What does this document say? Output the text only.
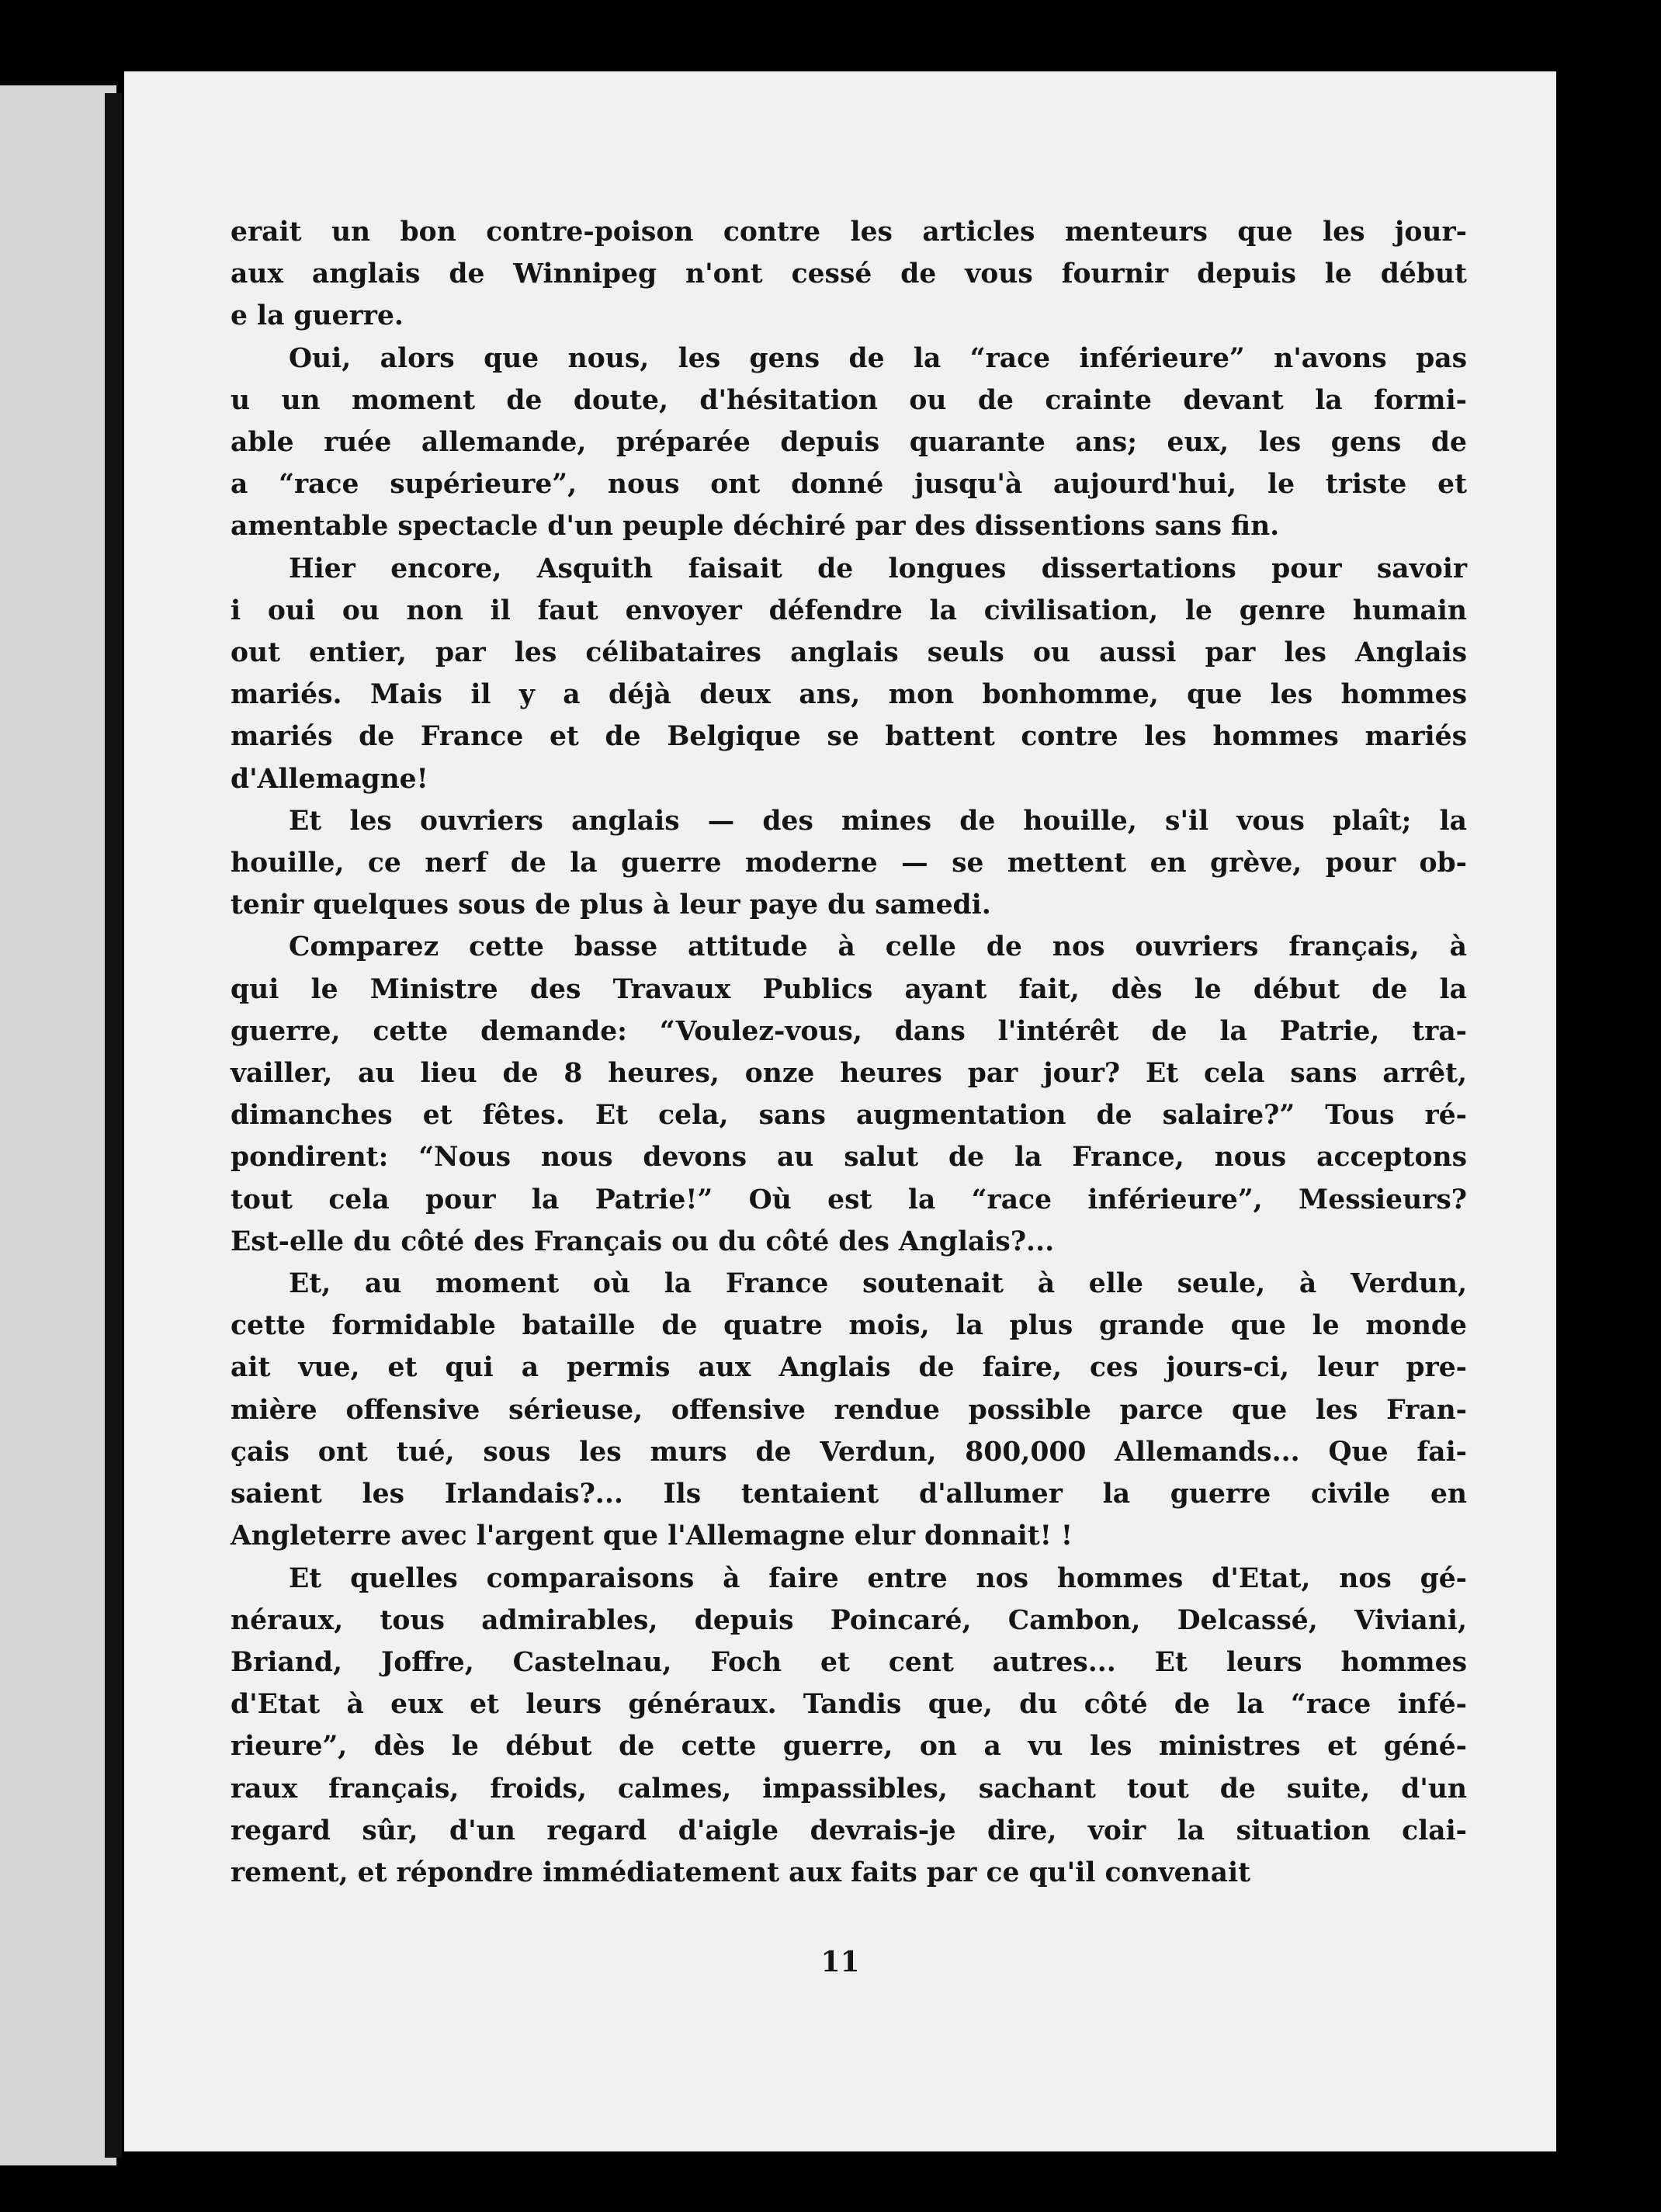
erait un bon contre-poison contre les articles menteurs que les jour-
aux anglais de Winnipeg n'ont cessé de vous fournir depuis le début
e la guerre.
Oui, alors que nous, les gens de la “race inférieure” n'avons pas
u un moment de doute, d'hésitation ou de crainte devant la formi-
able ruée allemande, préparée depuis quarante ans; eux, les gens de
a “race supérieure”, nous ont donné jusqu'à aujourd'hui, le triste et
amentable spectacle d'un peuple déchiré par des dissentions sans fin.
Hier encore, Asquith faisait de longues dissertations pour savoir
i oui ou non il faut envoyer défendre la civilisation, le genre humain
out entier, par les célibataires anglais seuls ou aussi par les Anglais
mariés. Mais il y a déjà deux ans, mon bonhomme, que les hommes
mariés de France et de Belgique se battent contre les hommes mariés
d'Allemagne!
Et les ouvriers anglais — des mines de houille, s'il vous plaît; la
houille, ce nerf de la guerre moderne — se mettent en grève, pour ob-
tenir quelques sous de plus à leur paye du samedi.
Comparez cette basse attitude à celle de nos ouvriers français, à
qui le Ministre des Travaux Publics ayant fait, dès le début de la
guerre, cette demande: “Voulez-vous, dans l'intérêt de la Patrie, tra-
vailler, au lieu de 8 heures, onze heures par jour? Et cela sans arrêt,
dimanches et fêtes. Et cela, sans augmentation de salaire?” Tous ré-
pondirent: “Nous nous devons au salut de la France, nous acceptons
tout cela pour la Patrie!” Où est la “race inférieure”, Messieurs?
Est-elle du côté des Français ou du côté des Anglais?...
Et, au moment où la France soutenait à elle seule, à Verdun,
cette formidable bataille de quatre mois, la plus grande que le monde
ait vue, et qui a permis aux Anglais de faire, ces jours-ci, leur pre-
mière offensive sérieuse, offensive rendue possible parce que les Fran-
çais ont tué, sous les murs de Verdun, 800,000 Allemands... Que fai-
saient les Irlandais?... Ils tentaient d'allumer la guerre civile en
Angleterre avec l'argent que l'Allemagne elur donnait! !
Et quelles comparaisons à faire entre nos hommes d'Etat, nos gé-
néraux, tous admirables, depuis Poincaré, Cambon, Delcassé, Viviani,
Briand, Joffre, Castelnau, Foch et cent autres... Et leurs hommes
d'Etat à eux et leurs généraux. Tandis que, du côté de la “race infé-
rieure”, dès le début de cette guerre, on a vu les ministres et géné-
raux français, froids, calmes, impassibles, sachant tout de suite, d'un
regard sûr, d'un regard d'aigle devrais-je dire, voir la situation clai-
rement, et répondre immédiatement aux faits par ce qu'il convenait
11
